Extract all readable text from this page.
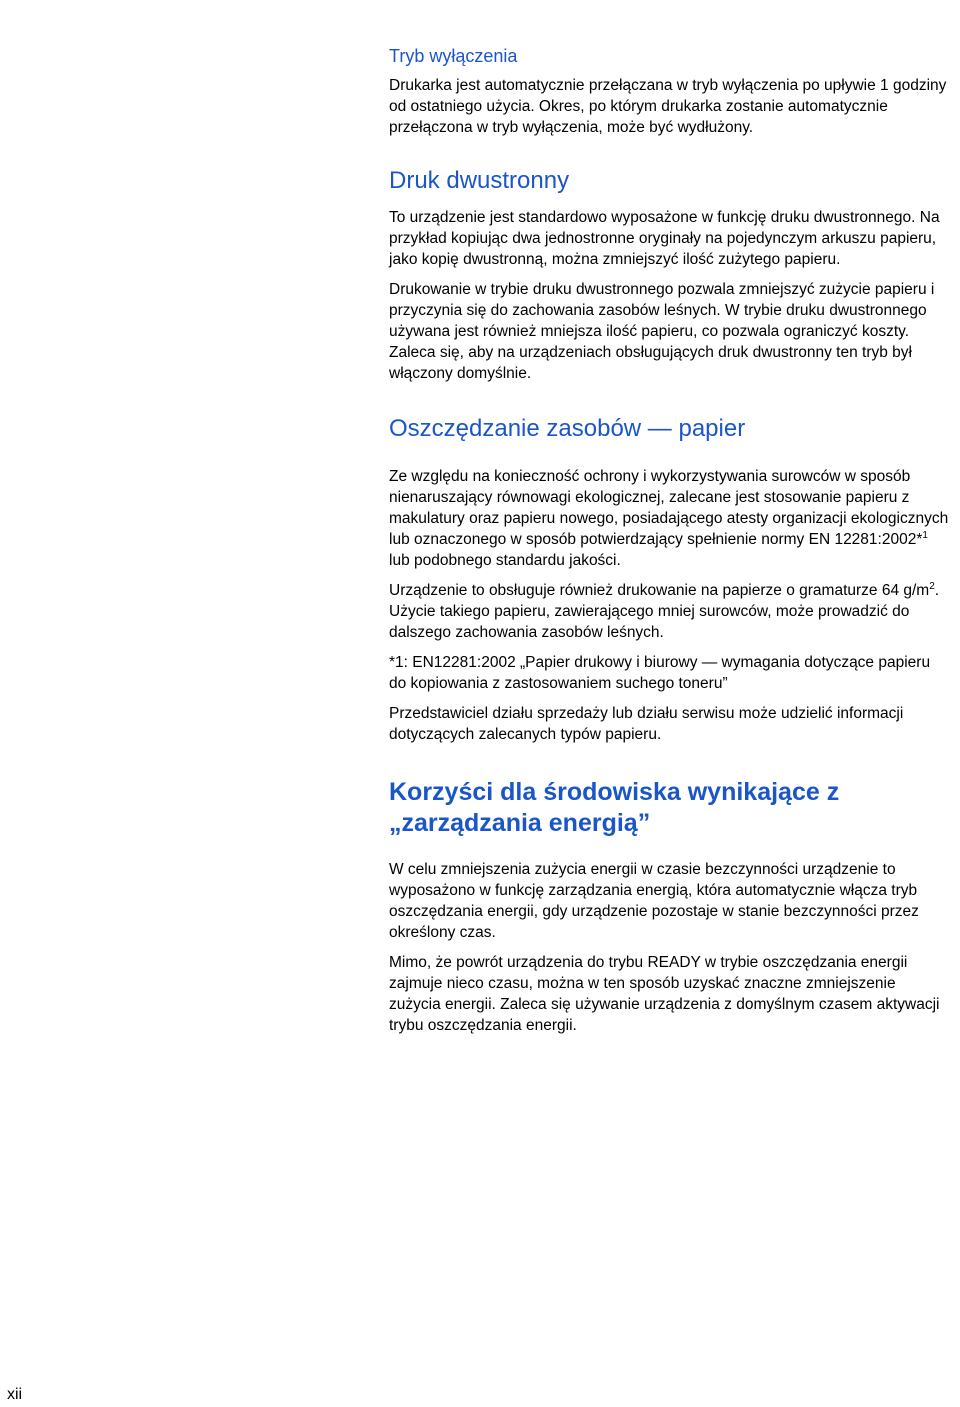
Tryb wyłączenia

Drukarka jest automatycznie przełączana w tryb wyłączenia po upływie 1 godziny od ostatniego użycia. Okres, po którym drukarka zostanie automatycznie przełączona w tryb wyłączenia, może być wydłużony.

Druk dwustronny

To urządzenie jest standardowo wyposażone w funkcję druku dwustronnego. Na przykład kopiując dwa jednostronne oryginały na pojedynczym arkuszu papieru, jako kopię dwustronną, można zmniejszyć ilość zużytego papieru.

Drukowanie w trybie druku dwustronnego pozwala zmniejszyć zużycie papieru i przyczynia się do zachowania zasobów leśnych. W trybie druku dwustronnego używana jest również mniejsza ilość papieru, co pozwala ograniczyć koszty. Zaleca się, aby na urządzeniach obsługujących druk dwustronny ten tryb był włączony domyślnie.

Oszczędzanie zasobów — papier

Ze względu na konieczność ochrony i wykorzystywania surowców w sposób nienaruszający równowagi ekologicznej, zalecane jest stosowanie papieru z makulatury oraz papieru nowego, posiadającego atesty organizacji ekologicznych lub oznaczonego w sposób potwierdzający spełnienie normy EN 12281:2002*$^1$ lub podobnego standardu jakości.

Urządzenie to obsługuje również drukowanie na papierze o gramaturze 64 $g/m^2$. Użycie takiego papieru, zawierającego mniej surowców, może prowadzić do dalszego zachowania zasobów leśnych.

*1: EN12281:2002 „Papier drukowy i biurowy — wymagania dotyczące papieru do kopiowania z zastosowaniem suchego toneru”

Przedstawiciel działu sprzedaży lub działu serwisu może udzielić informacji dotyczących zalecanych typów papieru.

Korzyści dla środowiska wynikające z „zarządzania energią”

W celu zmniejszenia zużycia energii w czasie bezczynności urządzenie to wyposażono w funkcję zarządzania energią, która automatycznie włącza tryb oszczędzania energii, gdy urządzenie pozostaje w stanie bezczynności przez określony czas.

Mimo, że powrót urządzenia do trybu READY w trybie oszczędzania energii zajmuje nieco czasu, można w ten sposób uzyskać znaczne zmniejszenie zużycia energii. Zaleca się używanie urządzenia z domyślnym czasem aktywacji trybu oszczędzania energii.

xii
